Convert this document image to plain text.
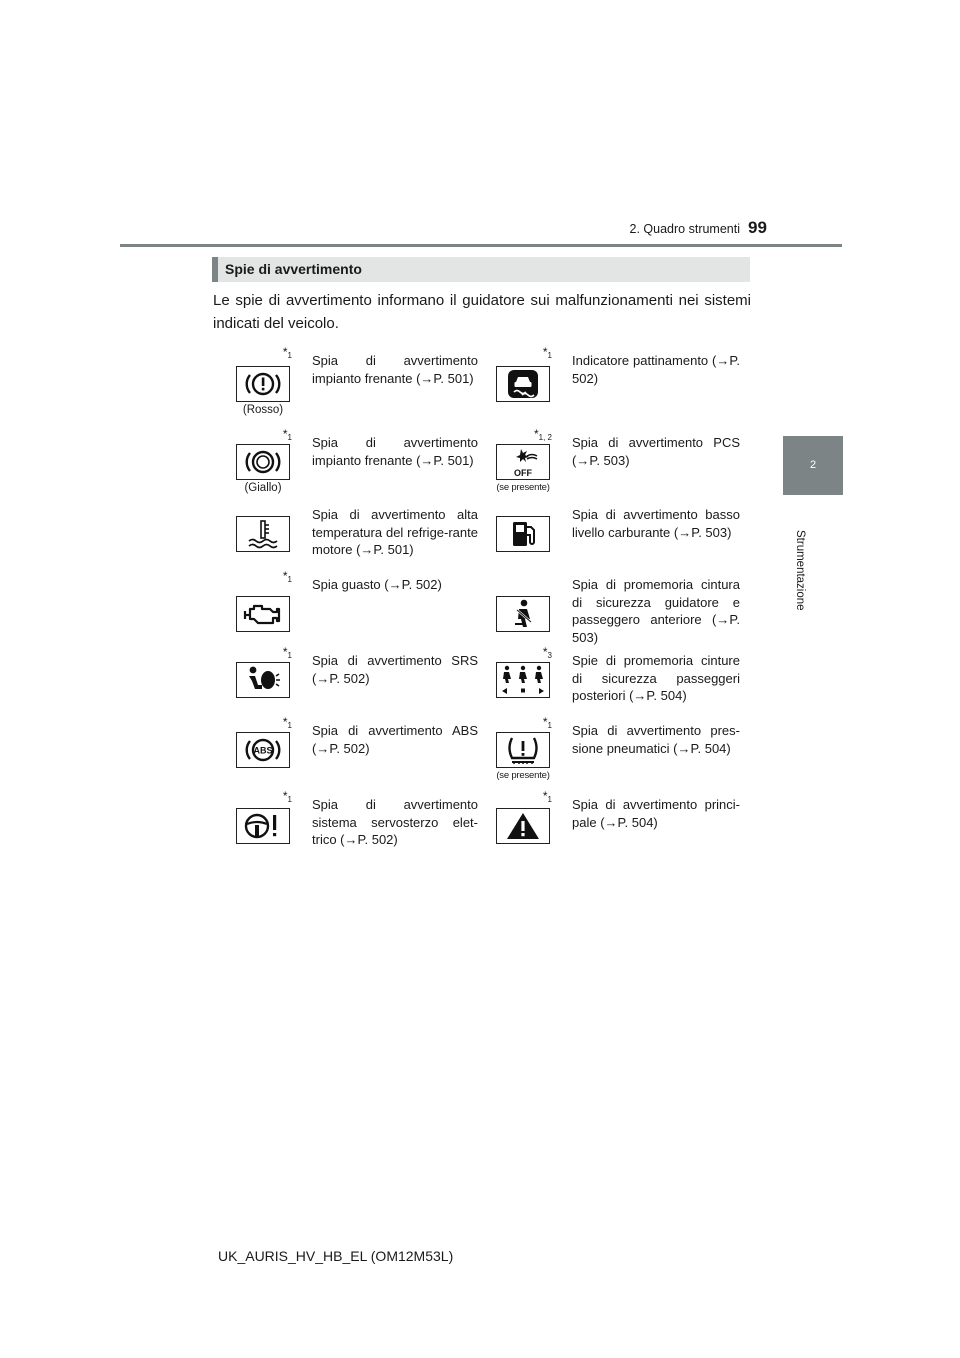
99
2. Quadro strumenti
2
Strumentazione
Spie di avvertimento
Le spie di avvertimento informano il guidatore sui malfunzionamenti nei sistemi indicati del veicolo.
$*_1$
(Rosso)
Spia di avvertimento impianto frenante (→P. 501)
$*_1$ Indicatore pattinamento (→P. 502)
$*_1$
(Giallo)
Spia di avvertimento impianto frenante (→P. 501)
OFF
$*_{1, 2}$
(se presente)
Spia di avvertimento PCS (→P. 503)
Spia di avvertimento alta temperatura del refrige-rante motore (→P. 501)
Spia di avvertimento basso livello carburante (→P. 503)
$*_1$ Spia guasto (→P. 502)	Spia di promemoria cintura di sicurezza guidatore e passeggero anteriore (→P. 503)
$*_1$ Spia di avvertimento SRS (→P. 502)
$*_3$ Spie di promemoria cinture di sicurezza passeggeri posteriori (→P. 504)
ABS
$*_1$ Spia di avvertimento ABS (→P. 502)
$*_1$
(se presente)
Spia di avvertimento pres-sione pneumatici (→P. 504)
$*_1$ Spia di avvertimento sistema servosterzo elet-trico (→P. 502)
$*_1$ Spia di avvertimento princi-pale (→P. 504)
UK_AURIS_HV_HB_EL (OM12M53L)
